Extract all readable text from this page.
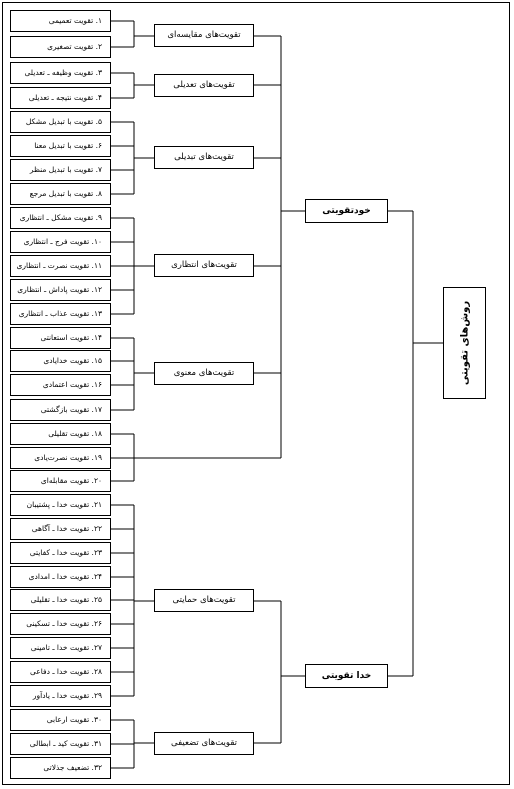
روش‌های تقویتی
خودتقویتی
خدا تقویتی
تقویت‌های مقایسه‌ای
تقویت‌های تعدیلی
تقویت‌های تبدیلی
تقویت‌های انتظاری
تقویت‌های معنوی
تقویت‌های حمایتی
تقویت‌های تضعیفی
۱. تقویت تعمیمی
۲. تقویت تصغیری
۳. تقویت وظیفه ـ تعدیلی
۴. تقویت نتیجه ـ تعدیلی
۵. تقویت با تبدیل مشکل
۶. تقویت با تبدیل معنا
۷. تقویت با تبدیل منظر
۸. تقویت با تبدیل مرجع
۹. تقویت مشکل ـ انتظاری
۱۰. تقویت فرج ـ انتظاری
۱۱. تقویت نصرت ـ انتظاری
۱۲. تقویت پاداش ـ انتظاری
۱۳. تقویت عذاب ـ انتظاری
۱۴. تقویت استعانتی
۱۵. تقویت خدایادی
۱۶. تقویت اعتمادی
۱۷. تقویت بازگشتی
۱۸. تقویت تقلیلی
۱۹. تقویت نصرت‌یادی
۲۰. تقویت مقابله‌ای
۲۱. تقویت خدا ـ پشتیبان
۲۲. تقویت خدا ـ آگاهی
۲۳. تقویت خدا ـ کفایتی
۲۴. تقویت خدا ـ امدادی
۲۵. تقویت خدا ـ تقلیلی
۲۶. تقویت خدا ـ تسکینی
۲۷. تقویت خدا ـ تامینی
۲۸. تقویت خدا ـ دفاعی
۲۹. تقویت خدا ـ یادآور
۳۰. تقویت ارعابی
۳۱. تقویت کید ـ ابطالی
۳۲. تضعیف جذلاتی
